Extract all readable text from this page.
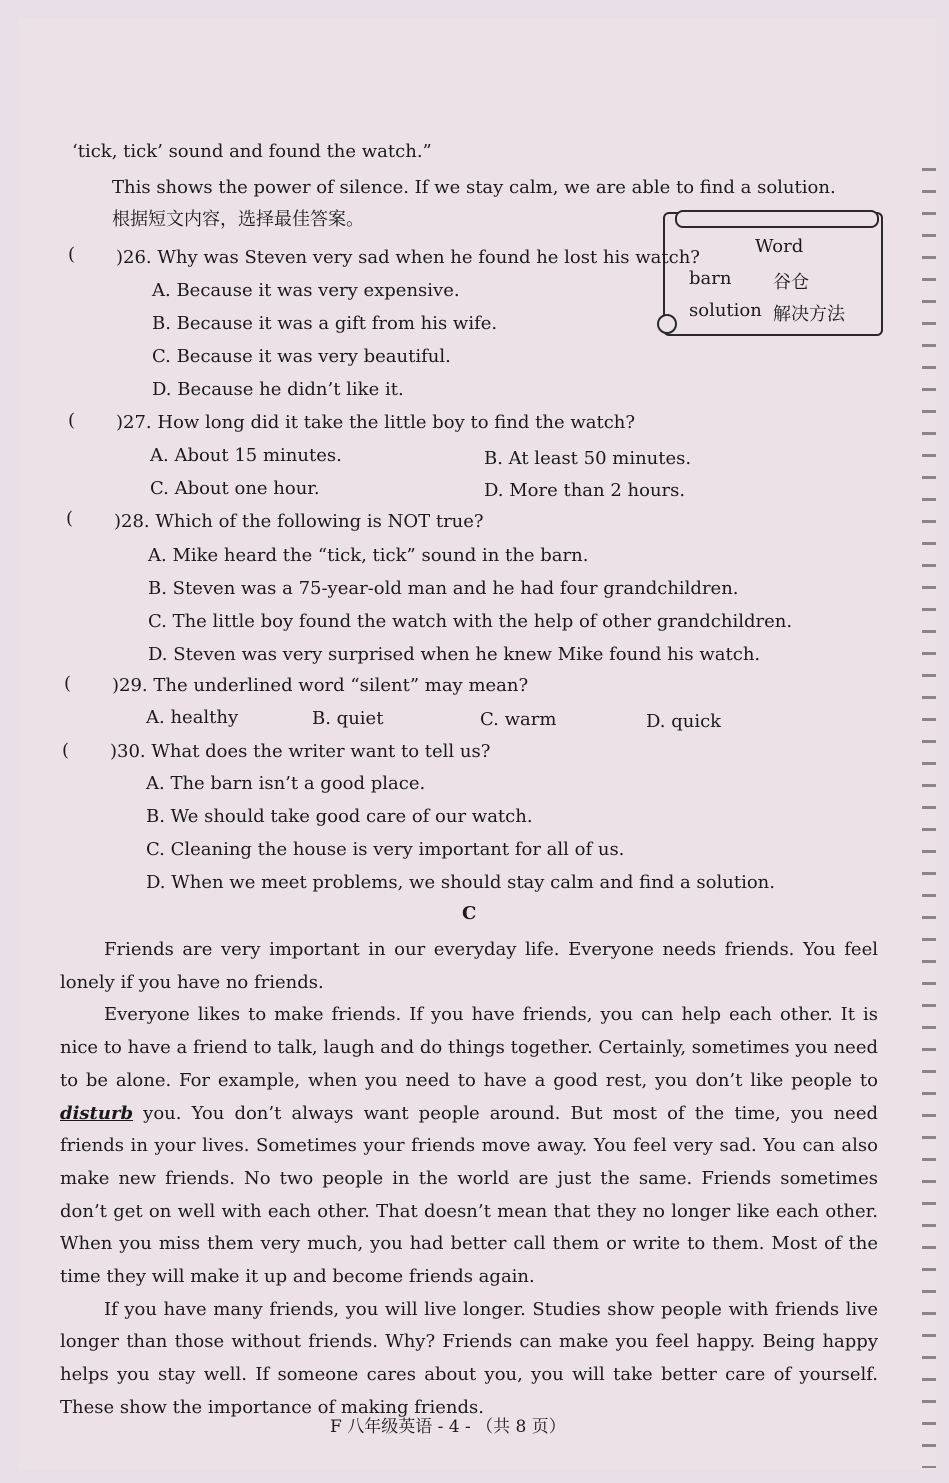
‘tick, tick’ sound and found the watch.”
This shows the power of silence. If we stay calm, we are able to find a solution.
根据短文内容，选择最佳答案。
Word
barn 谷仓
solution 解决方法
( )26. Why was Steven very sad when he found he lost his watch?
A. Because it was very expensive.
B. Because it was a gift from his wife.
C. Because it was very beautiful.
D. Because he didn’t like it.
( )27. How long did it take the little boy to find the watch?
A. About 15 minutes.	B. At least 50 minutes.
C. About one hour.	D. More than 2 hours.
( )28. Which of the following is NOT true?
A. Mike heard the “tick, tick” sound in the barn.
B. Steven was a 75-year-old man and he had four grandchildren.
C. The little boy found the watch with the help of other grandchildren.
D. Steven was very surprised when he knew Mike found his watch.
( )29. The underlined word “silent” may mean?
A. healthy	B. quiet	C. warm	D. quick
( )30. What does the writer want to tell us?
A. The barn isn’t a good place.
B. We should take good care of our watch.
C. Cleaning the house is very important for all of us.
D. When we meet problems, we should stay calm and find a solution.
C

Friends are very important in our everyday life. Everyone needs friends. You feel lonely if you have no friends.

Everyone likes to make friends. If you have friends, you can help each other. It is nice to have a friend to talk, laugh and do things together. Certainly, sometimes you need to be alone. For example, when you need to have a good rest, you don’t like people to disturb you. You don’t always want people around. But most of the time, you need friends in your lives. Sometimes your friends move away. You feel very sad. You can also make new friends. No two people in the world are just the same. Friends sometimes don’t get on well with each other. That doesn’t mean that they no longer like each other. When you miss them very much, you had better call them or write to them. Most of the time they will make it up and become friends again.

If you have many friends, you will live longer. Studies show people with friends live longer than those without friends. Why? Friends can make you feel happy. Being happy helps you stay well. If someone cares about you, you will take better care of yourself. These show the importance of making friends.

F 八年级英语 - 4 - （共 8 页）
